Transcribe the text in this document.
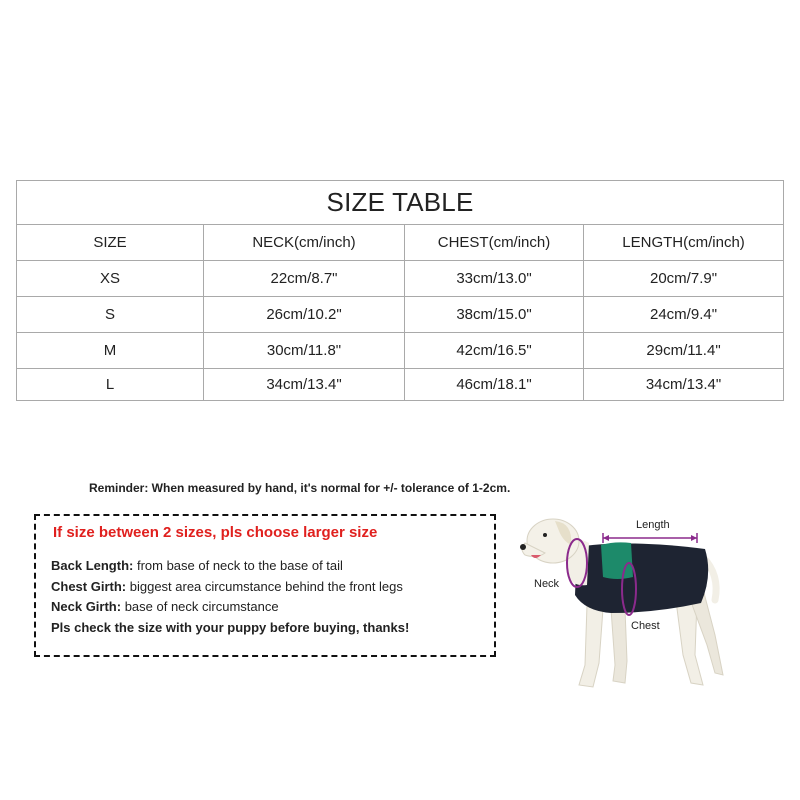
SIZE TABLE			
SIZE	NECK(cm/inch)	CHEST(cm/inch)	LENGTH(cm/inch)
XS	22cm/8.7"	33cm/13.0"	20cm/7.9"
S	26cm/10.2"	38cm/15.0"	24cm/9.4"
M	30cm/11.8"	42cm/16.5"	29cm/11.4"
L	34cm/13.4"	46cm/18.1"	34cm/13.4"
Reminder: When measured by hand, it's normal for +/- tolerance of 1-2cm.
If size between 2 sizes, pls choose larger size
Back Length: from base of neck to the base of tail
Chest Girth: biggest area circumstance behind the front legs
Neck Girth: base of neck circumstance
Pls check the size with your puppy before buying, thanks!
Length
Neck
Chest
